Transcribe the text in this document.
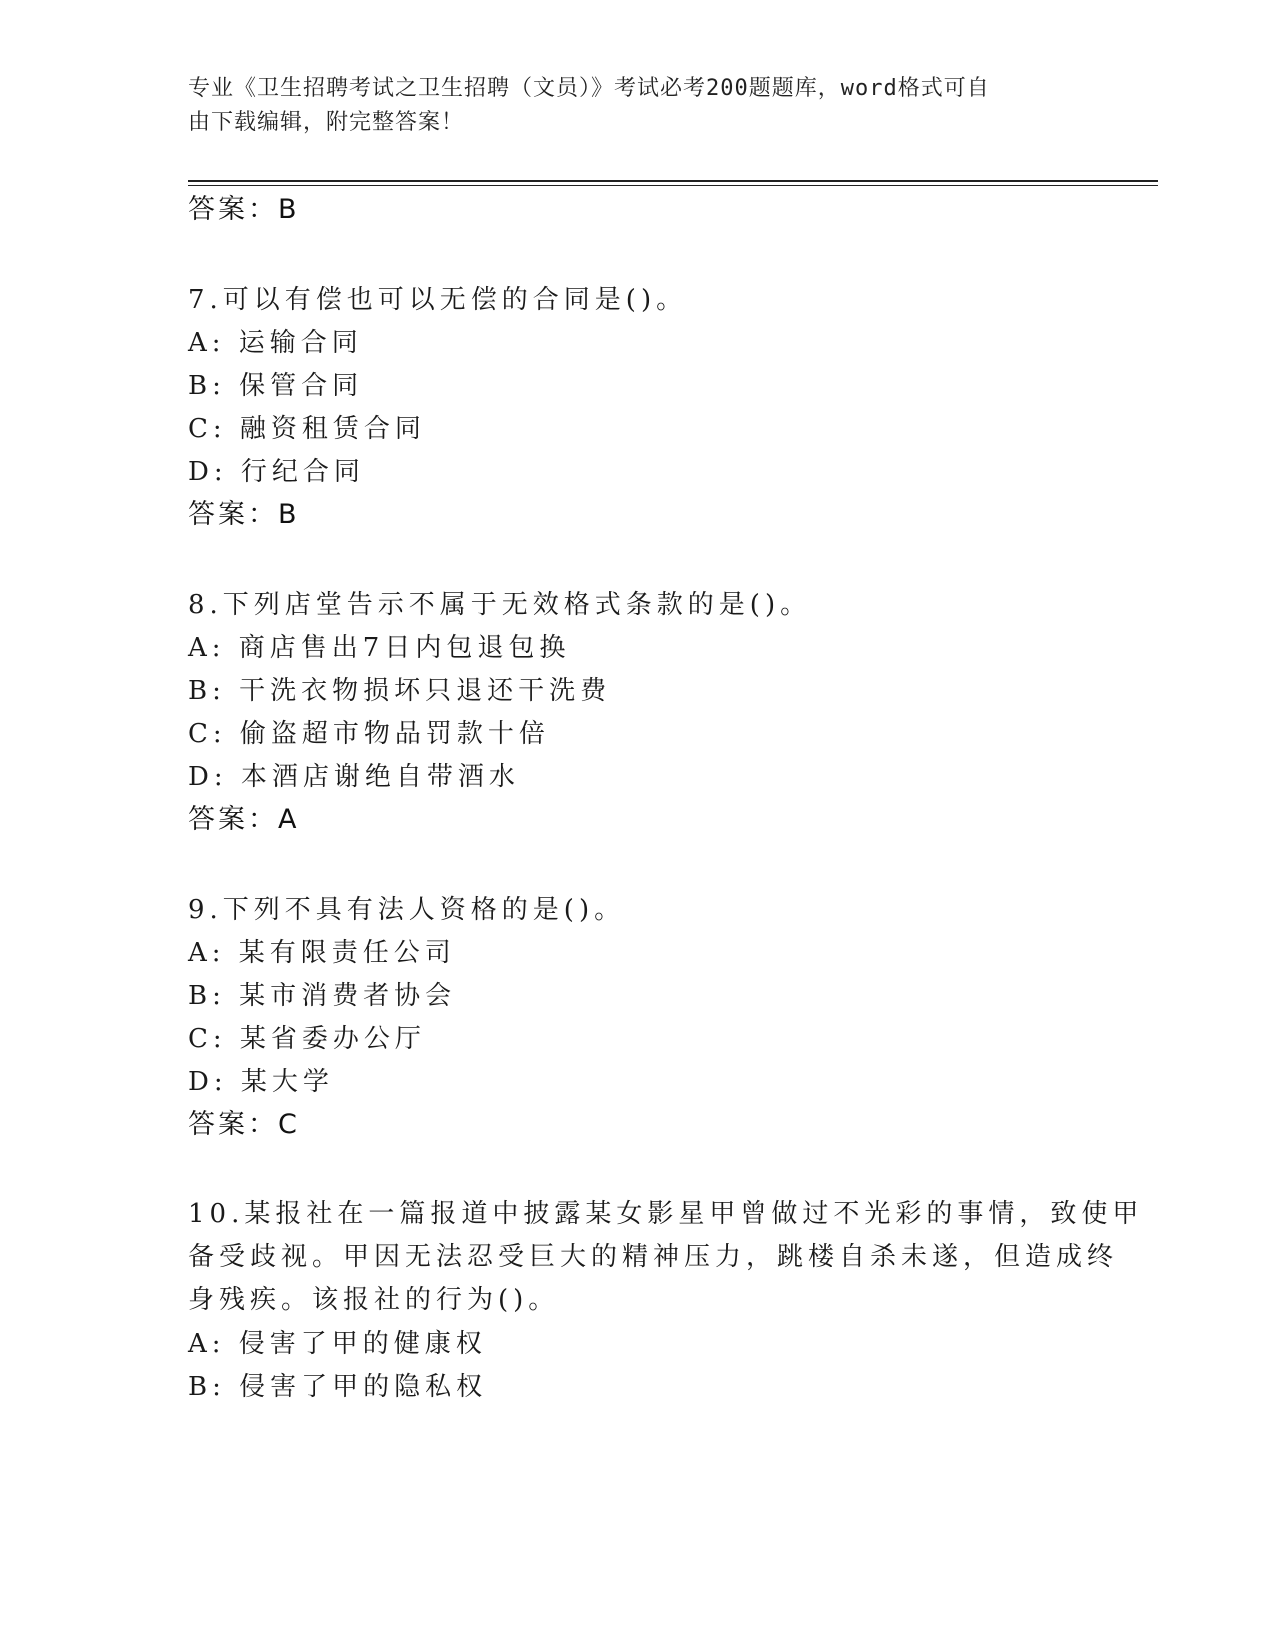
专业《卫生招聘考试之卫生招聘（文员）》考试必考200题题库，word格式可自
由下载编辑，附完整答案！
答案：B
7.可以有偿也可以无偿的合同是()。
A: 运输合同
B: 保管合同
C: 融资租赁合同
D: 行纪合同
答案：B
8.下列店堂告示不属于无效格式条款的是()。
A: 商店售出7日内包退包换
B: 干洗衣物损坏只退还干洗费
C: 偷盗超市物品罚款十倍
D: 本酒店谢绝自带酒水
答案：A
9.下列不具有法人资格的是()。
A: 某有限责任公司
B: 某市消费者协会
C: 某省委办公厅
D: 某大学
答案：C
10.某报社在一篇报道中披露某女影星甲曾做过不光彩的事情，致使甲
备受歧视。甲因无法忍受巨大的精神压力，跳楼自杀未遂，但造成终
身残疾。该报社的行为()。
A: 侵害了甲的健康权
B: 侵害了甲的隐私权
